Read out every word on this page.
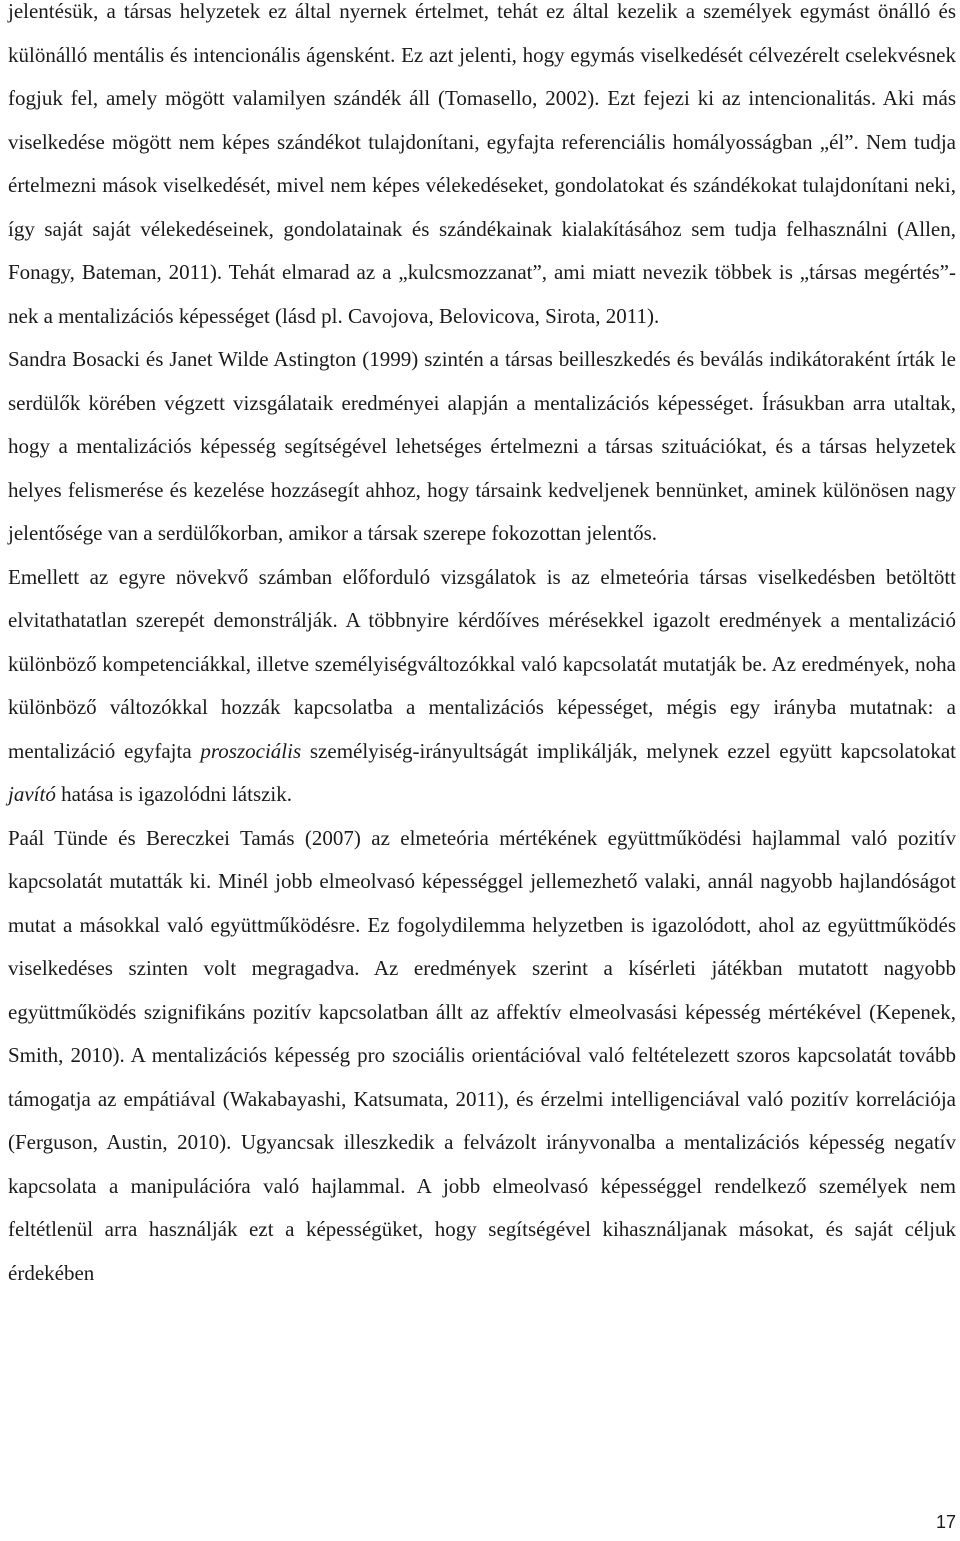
jelentésük, a társas helyzetek ez által nyernek értelmet, tehát ez által kezelik a személyek egymást önálló és különálló mentális és intencionális ágensként. Ez azt jelenti, hogy egymás viselkedését célvezérelt cselekvésnek fogjuk fel, amely mögött valamilyen szándék áll (Tomasello, 2002). Ezt fejezi ki az intencionalitás. Aki más viselkedése mögött nem képes szándékot tulajdonítani, egyfajta referenciális homályosságban „él”. Nem tudja értelmezni mások viselkedését, mivel nem képes vélekedéseket, gondolatokat és szándékokat tulajdonítani neki, így saját saját vélekedéseinek, gondolatainak és szándékainak kialakításához sem tudja felhasználni (Allen, Fonagy, Bateman, 2011). Tehát elmarad az a „kulcsmozzanat”, ami miatt nevezik többek is „társas megértés”-nek a mentalizációs képességet (lásd pl. Cavojova, Belovicova, Sirota, 2011).

Sandra Bosacki és Janet Wilde Astington (1999) szintén a társas beilleszkedés és beválás indikátoraként írták le serdülők körében végzett vizsgálataik eredményei alapján a mentalizációs képességet. Írásukban arra utaltak, hogy a mentalizációs képesség segítségével lehetséges értelmezni a társas szituációkat, és a társas helyzetek helyes felismerése és kezelése hozzásegít ahhoz, hogy társaink kedveljenek bennünket, aminek különösen nagy jelentősége van a serdülőkorban, amikor a társak szerepe fokozottan jelentős.

Emellett az egyre növekvő számban előforduló vizsgálatok is az elmeteória társas viselkedésben betöltött elvitathatatlan szerepét demonstrálják. A többnyire kérdőíves mérésekkel igazolt eredmények a mentalizáció különböző kompetenciákkal, illetve személyiségváltozókkal való kapcsolatát mutatják be. Az eredmények, noha különböző változókkal hozzák kapcsolatba a mentalizációs képességet, mégis egy irányba mutatnak: a mentalizáció egyfajta proszociális személyiség-irányultságát implikálják, melynek ezzel együtt kapcsolatokat javító hatása is igazolódni látszik.

Paál Tünde és Bereczkei Tamás (2007) az elmeteória mértékének együttműködési hajlammal való pozitív kapcsolatát mutatták ki. Minél jobb elmeolvasó képességgel jellemezhető valaki, annál nagyobb hajlandóságot mutat a másokkal való együttműködésre. Ez fogolydilemma helyzetben is igazolódott, ahol az együttműködés viselkedéses szinten volt megragadva. Az eredmények szerint a kísérleti játékban mutatott nagyobb együttműködés szignifikáns pozitív kapcsolatban állt az affektív elmeolvasási képesség mértékével (Kepenek, Smith, 2010). A mentalizációs képesség pro szociális orientációval való feltételezett szoros kapcsolatát tovább támogatja az empátiával (Wakabayashi, Katsumata, 2011), és érzelmi intelligenciával való pozitív korrelációja (Ferguson, Austin, 2010). Ugyancsak illeszkedik a felvázolt irányvonalba a mentalizációs képesség negatív kapcsolata a manipulációra való hajlammal. A jobb elmeolvasó képességgel rendelkező személyek nem feltétlenül arra használják ezt a képességüket, hogy segítségével kihasználjanak másokat, és saját céljuk érdekében

17
